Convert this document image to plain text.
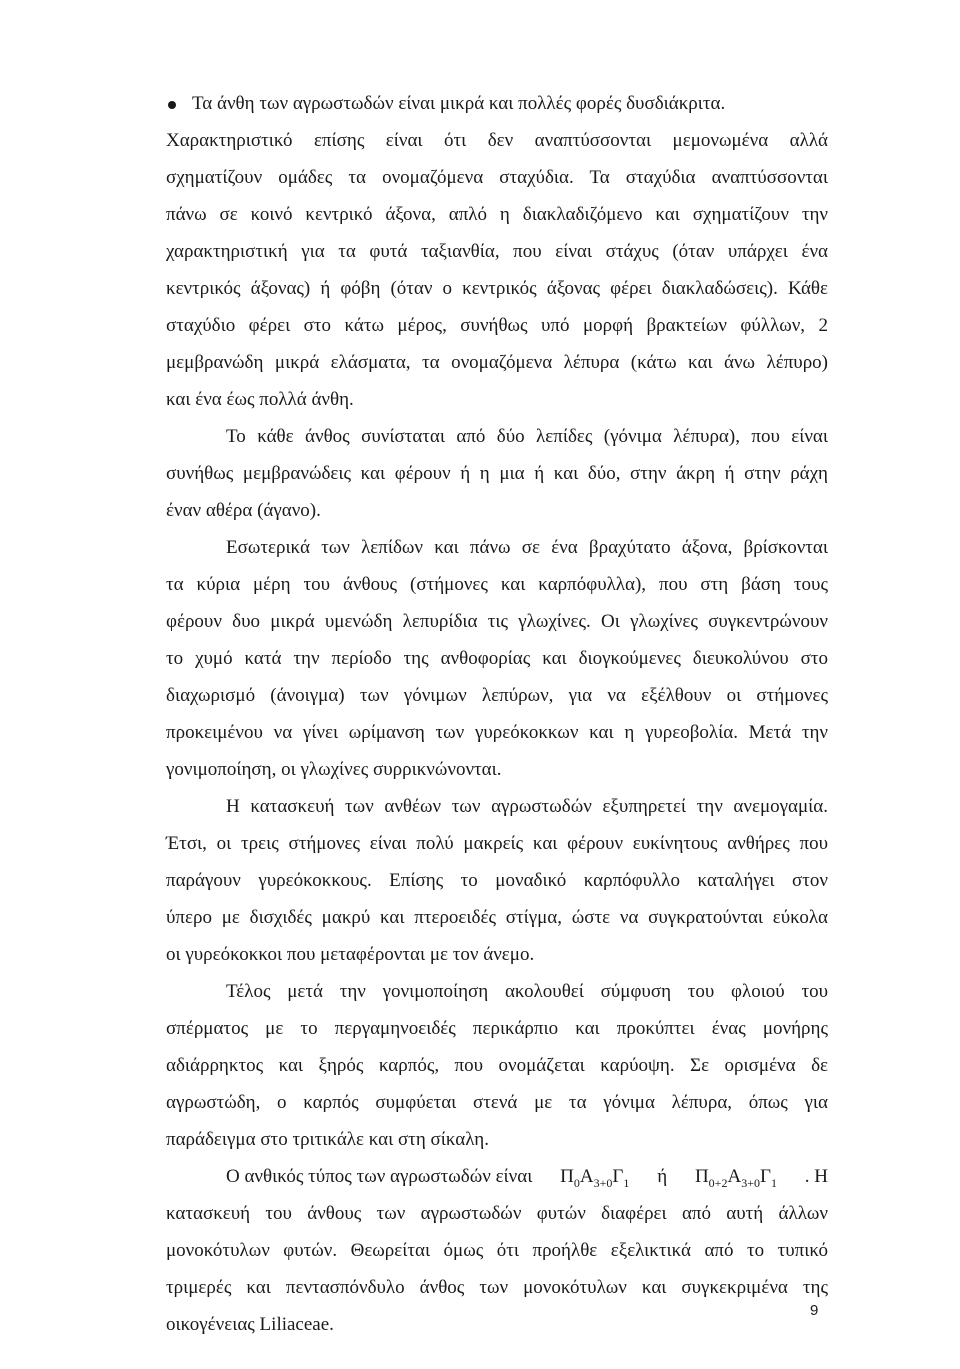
Τα άνθη των αγρωστωδών είναι μικρά και πολλές φορές δυσδιάκριτα.
Χαρακτηριστικό επίσης είναι ότι δεν αναπτύσσονται μεμονωμένα αλλά
σχηματίζουν ομάδες τα ονομαζόμενα σταχύδια. Τα σταχύδια αναπτύσσονται
πάνω σε κοινό κεντρικό άξονα, απλό η διακλαδιζόμενο και σχηματίζουν την
χαρακτηριστική για τα φυτά ταξιανθία, που είναι στάχυς (όταν υπάρχει ένα
κεντρικός άξονας) ή φόβη (όταν ο κεντρικός άξονας φέρει διακλαδώσεις). Κάθε
σταχύδιο φέρει στο κάτω μέρος, συνήθως υπό μορφή βρακτείων φύλλων, 2
μεμβρανώδη μικρά ελάσματα, τα ονομαζόμενα λέπυρα (κάτω και άνω λέπυρο)
και ένα έως πολλά άνθη.
Το κάθε άνθος συνίσταται από δύο λεπίδες (γόνιμα λέπυρα), που είναι
συνήθως μεμβρανώδεις και φέρουν ή η μια ή και δύο, στην άκρη ή στην ράχη
έναν αθέρα (άγανο).
Εσωτερικά των λεπίδων και πάνω σε ένα βραχύτατο άξονα, βρίσκονται
τα κύρια μέρη του άνθους (στήμονες και καρπόφυλλα), που στη βάση τους
φέρουν δυο μικρά υμενώδη λεπυρίδια τις γλωχίνες. Οι γλωχίνες συγκεντρώνουν
το χυμό κατά την περίοδο της ανθοφορίας και διογκούμενες διευκολύνου στο
διαχωρισμό (άνοιγμα) των γόνιμων λεπύρων, για να εξέλθουν οι στήμονες
προκειμένου να γίνει ωρίμανση των γυρεόκοκκων και η γυρεοβολία. Μετά την
γονιμοποίηση, οι γλωχίνες συρρικνώνονται.
Η κατασκευή των ανθέων των αγρωστωδών εξυπηρετεί την ανεμογαμία.
Έτσι, οι τρεις στήμονες είναι πολύ μακρείς και φέρουν ευκίνητους ανθήρες που
παράγουν γυρεόκοκκους. Επίσης το μοναδικό καρπόφυλλο καταλήγει στον
ύπερο με δισχιδές μακρύ και πτεροειδές στίγμα, ώστε να συγκρατούνται εύκολα
οι γυρεόκοκκοι που μεταφέρονται με τον άνεμο.
Τέλος μετά την γονιμοποίηση ακολουθεί σύμφυση του φλοιού του
σπέρματος με το περγαμηνοειδές περικάρπιο και προκύπτει ένας μονήρης
αδιάρρηκτος και ξηρός καρπός, που ονομάζεται καρύοψη. Σε ορισμένα δε
αγρωστώδη, ο καρπός συμφύεται στενά με τα γόνιμα λέπυρα, όπως για
παράδειγμα στο τριτικάλε και στη σίκαλη.
Ο ανθικός τύπος των αγρωστωδών είναι $\Pi_0A_{3+0}\Gamma_1$ ή $\Pi_{0+2}A_{3+0}\Gamma_1$ . Η
κατασκευή του άνθους των αγρωστωδών φυτών διαφέρει από αυτή άλλων
μονοκότυλων φυτών. Θεωρείται όμως ότι προήλθε εξελικτικά από το τυπικό
τριμερές και πεντασπόνδυλο άνθος των μονοκότυλων και συγκεκριμένα της
οικογένειας Liliaceae.
9
